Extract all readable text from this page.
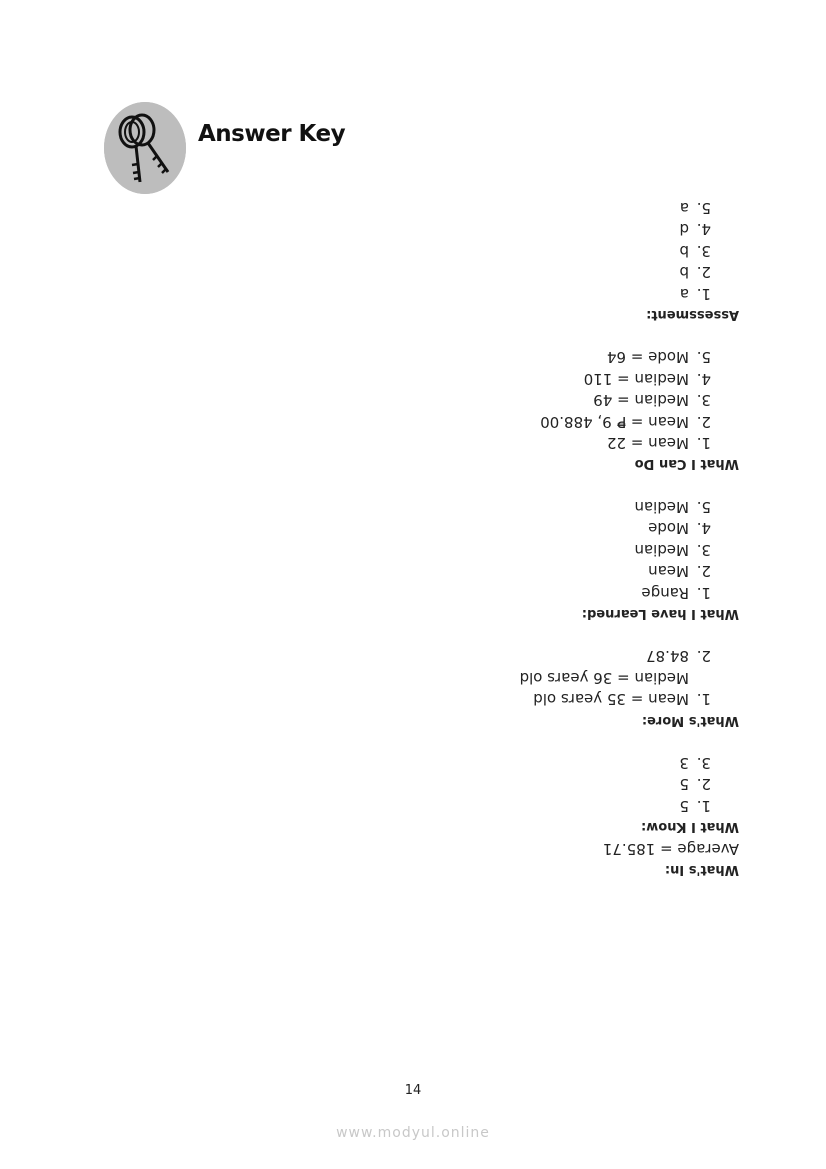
Answer Key
What's In:
Average = 185.71
What I Know:
1.5
2.5
3.3
What's More:
1.Mean = 35 years old
Median = 36 years old
2.84.87
What I have Learned:
1.Range
2.Mean
3.Median
4.Mode
5.Median
What I Can Do
1.Mean = 22
2.Mean = ₱ 9, 488.00
3.Median = 49
4.Median = 110
5.Mode = 64
Assessment:
1.a
2.b
3.b
4.d
5.a
14
www.modyul.online
